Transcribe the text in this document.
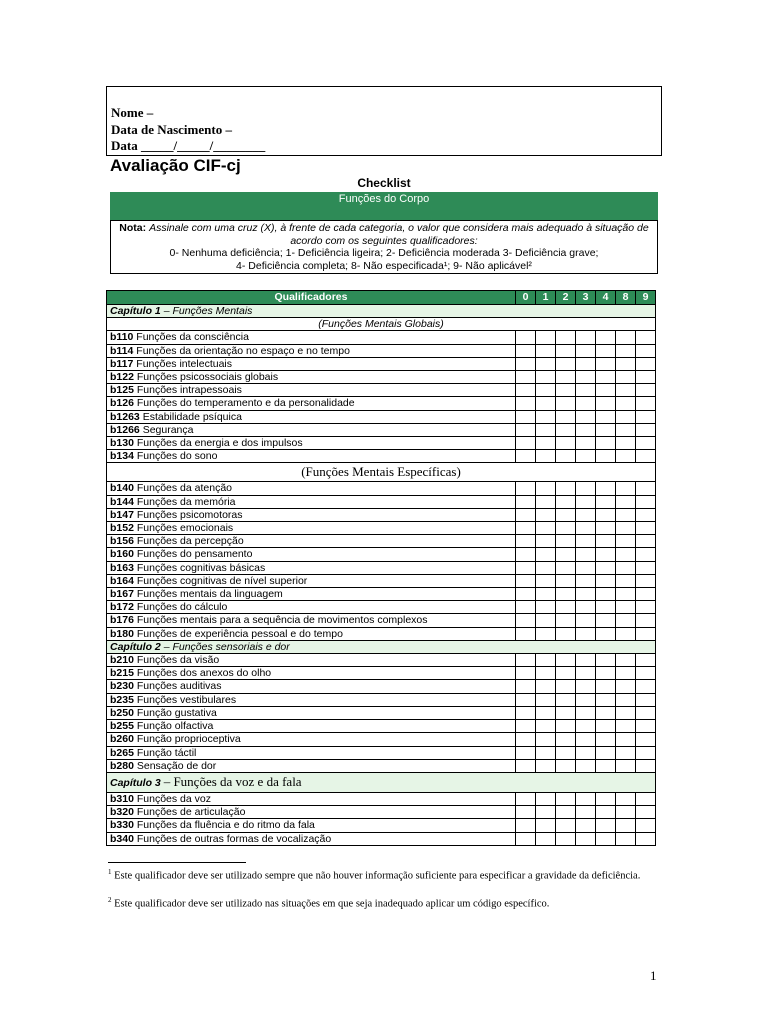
Nome –
Data de Nascimento –
Data _____/_____/________
Avaliação CIF-cj
Checklist
Funções do Corpo
Nota: Assinale com uma cruz (X), à frente de cada categoria, o valor que considera mais adequado à situação de acordo com os seguintes qualificadores:
0- Nenhuma deficiência; 1- Deficiência ligeira; 2- Deficiência moderada 3- Deficiência grave;
4- Deficiência completa; 8- Não especificada¹; 9- Não aplicável²
Qualificadores	0	1	2	3	4	8	9
Capítulo 1 – Funções Mentais							
(Funções Mentais Globais)							
b110 Funções da consciência							
b114 Funções da orientação no espaço e no tempo							
b117 Funções intelectuais							
b122 Funções psicossociais globais							
b125 Funções intrapessoais							
b126 Funções do temperamento e da personalidade							
b1263 Estabilidade psíquica							
b1266 Segurança							
b130 Funções da energia e dos impulsos							
b134 Funções do sono							
(Funções Mentais Específicas)							
b140 Funções da atenção							
b144 Funções da memória							
b147 Funções psicomotoras							
b152 Funções emocionais							
b156 Funções da percepção							
b160 Funções do pensamento							
b163 Funções cognitivas básicas							
b164 Funções cognitivas de nível superior							
b167 Funções mentais da linguagem							
b172 Funções do cálculo							
b176 Funções mentais para a sequência de movimentos complexos							
b180 Funções de experiência pessoal e do tempo							
Capítulo 2 – Funções sensoriais e dor							
b210 Funções da visão							
b215 Funções dos anexos do olho							
b230 Funções auditivas							
b235 Funções vestibulares							
b250 Função gustativa							
b255 Função olfactiva							
b260 Função proprioceptiva							
b265 Função táctil							
b280 Sensação de dor							
Capítulo 3 – Funções da voz e da fala							
b310 Funções da voz							
b320 Funções de articulação							
b330 Funções da fluência e do ritmo da fala							
b340 Funções de outras formas de vocalização							
$^1$ Este qualificador deve ser utilizado sempre que não houver informação suficiente para especificar a gravidade da deficiência.
$^2$ Este qualificador deve ser utilizado nas situações em que seja inadequado aplicar um código específico.
1
